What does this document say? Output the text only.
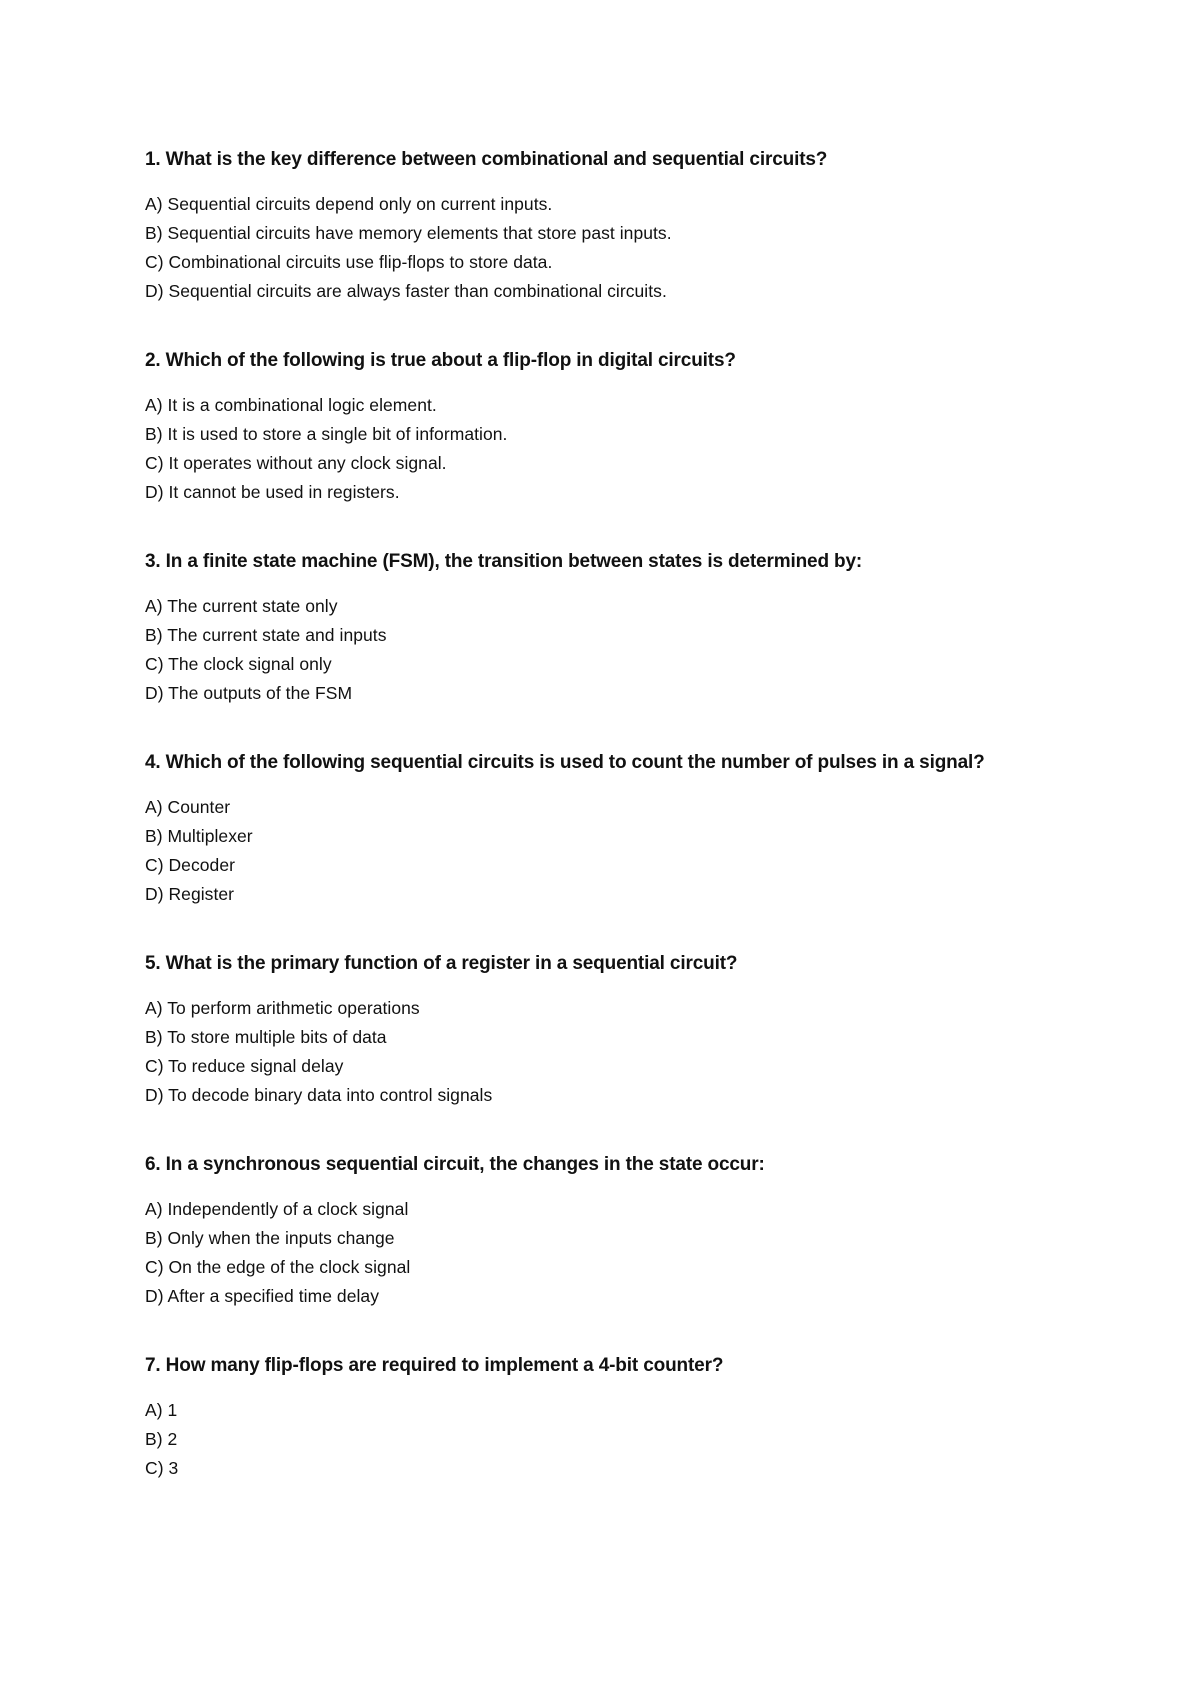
1. What is the key difference between combinational and sequential circuits?

A) Sequential circuits depend only on current inputs.

B) Sequential circuits have memory elements that store past inputs.

C) Combinational circuits use flip-flops to store data.

D) Sequential circuits are always faster than combinational circuits.

2. Which of the following is true about a flip-flop in digital circuits?

A) It is a combinational logic element.

B) It is used to store a single bit of information.

C) It operates without any clock signal.

D) It cannot be used in registers.

3. In a finite state machine (FSM), the transition between states is determined by:

A) The current state only

B) The current state and inputs

C) The clock signal only

D) The outputs of the FSM

4. Which of the following sequential circuits is used to count the number of pulses in a signal?

A) Counter

B) Multiplexer

C) Decoder

D) Register

5. What is the primary function of a register in a sequential circuit?

A) To perform arithmetic operations

B) To store multiple bits of data

C) To reduce signal delay

D) To decode binary data into control signals

6. In a synchronous sequential circuit, the changes in the state occur:

A) Independently of a clock signal

B) Only when the inputs change

C) On the edge of the clock signal

D) After a specified time delay

7. How many flip-flops are required to implement a 4-bit counter?

A) 1

B) 2

C) 3
